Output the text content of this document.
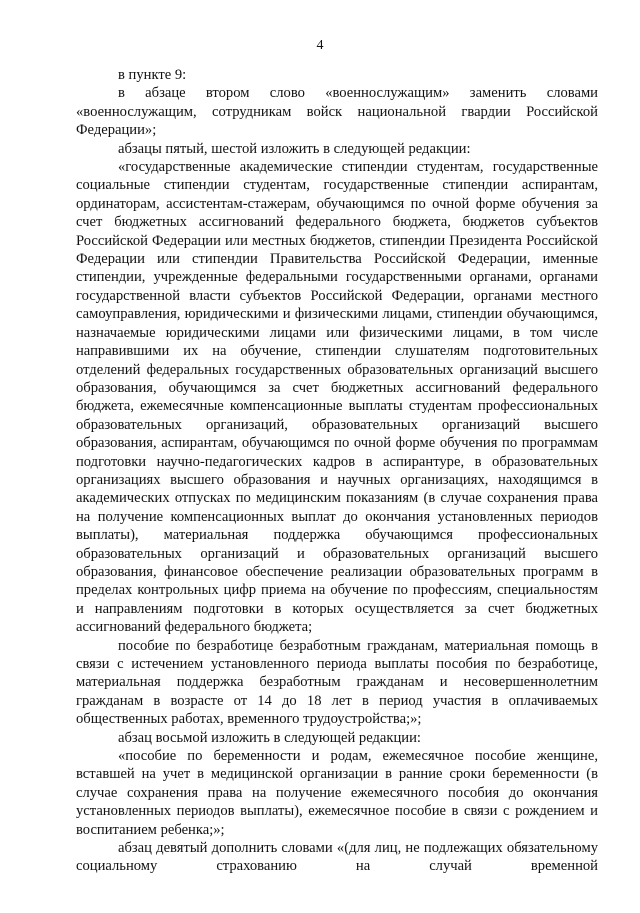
4

в пункте 9:

в абзаце втором слово «военнослужащим» заменить словами «военнослужащим, сотрудникам войск национальной гвардии Российской Федерации»;

абзацы пятый, шестой изложить в следующей редакции:

«государственные академические стипендии студентам, государственные социальные стипендии студентам, государственные стипендии аспирантам, ординаторам, ассистентам-стажерам, обучающимся по очной форме обучения за счет бюджетных ассигнований федерального бюджета, бюджетов субъектов Российской Федерации или местных бюджетов, стипендии Президента Российской Федерации или стипендии Правительства Российской Федерации, именные стипендии, учрежденные федеральными государственными органами, органами государственной власти субъектов Российской Федерации, органами местного самоуправления, юридическими и физическими лицами, стипендии обучающимся, назначаемые юридическими лицами или физическими лицами, в том числе направившими их на обучение, стипендии слушателям подготовительных отделений федеральных государственных образовательных организаций высшего образования, обучающимся за счет бюджетных ассигнований федерального бюджета, ежемесячные компенсационные выплаты студентам профессиональных образовательных организаций, образовательных организаций высшего образования, аспирантам, обучающимся по очной форме обучения по программам подготовки научно-педагогических кадров в аспирантуре, в образовательных организациях высшего образования и научных организациях, находящимся в академических отпусках по медицинским показаниям (в случае сохранения права на получение компенсационных выплат до окончания установленных периодов выплаты), материальная поддержка обучающимся профессиональных образовательных организаций и образовательных организаций высшего образования, финансовое обеспечение реализации образовательных программ в пределах контрольных цифр приема на обучение по профессиям, специальностям и направлениям подготовки в которых осуществляется за счет бюджетных ассигнований федерального бюджета;

пособие по безработице безработным гражданам, материальная помощь в связи с истечением установленного периода выплаты пособия по безработице, материальная поддержка безработным гражданам и несовершеннолетним гражданам в возрасте от 14 до 18 лет в период участия в оплачиваемых общественных работах, временного трудоустройства;»;

абзац восьмой изложить в следующей редакции:

«пособие по беременности и родам, ежемесячное пособие женщине, вставшей на учет в медицинской организации в ранние сроки беременности (в случае сохранения права на получение ежемесячного пособия до окончания установленных периодов выплаты), ежемесячное пособие в связи с рождением и воспитанием ребенка;»;

абзац девятый дополнить словами «(для лиц, не подлежащих обязательному социальному страхованию на случай временной
